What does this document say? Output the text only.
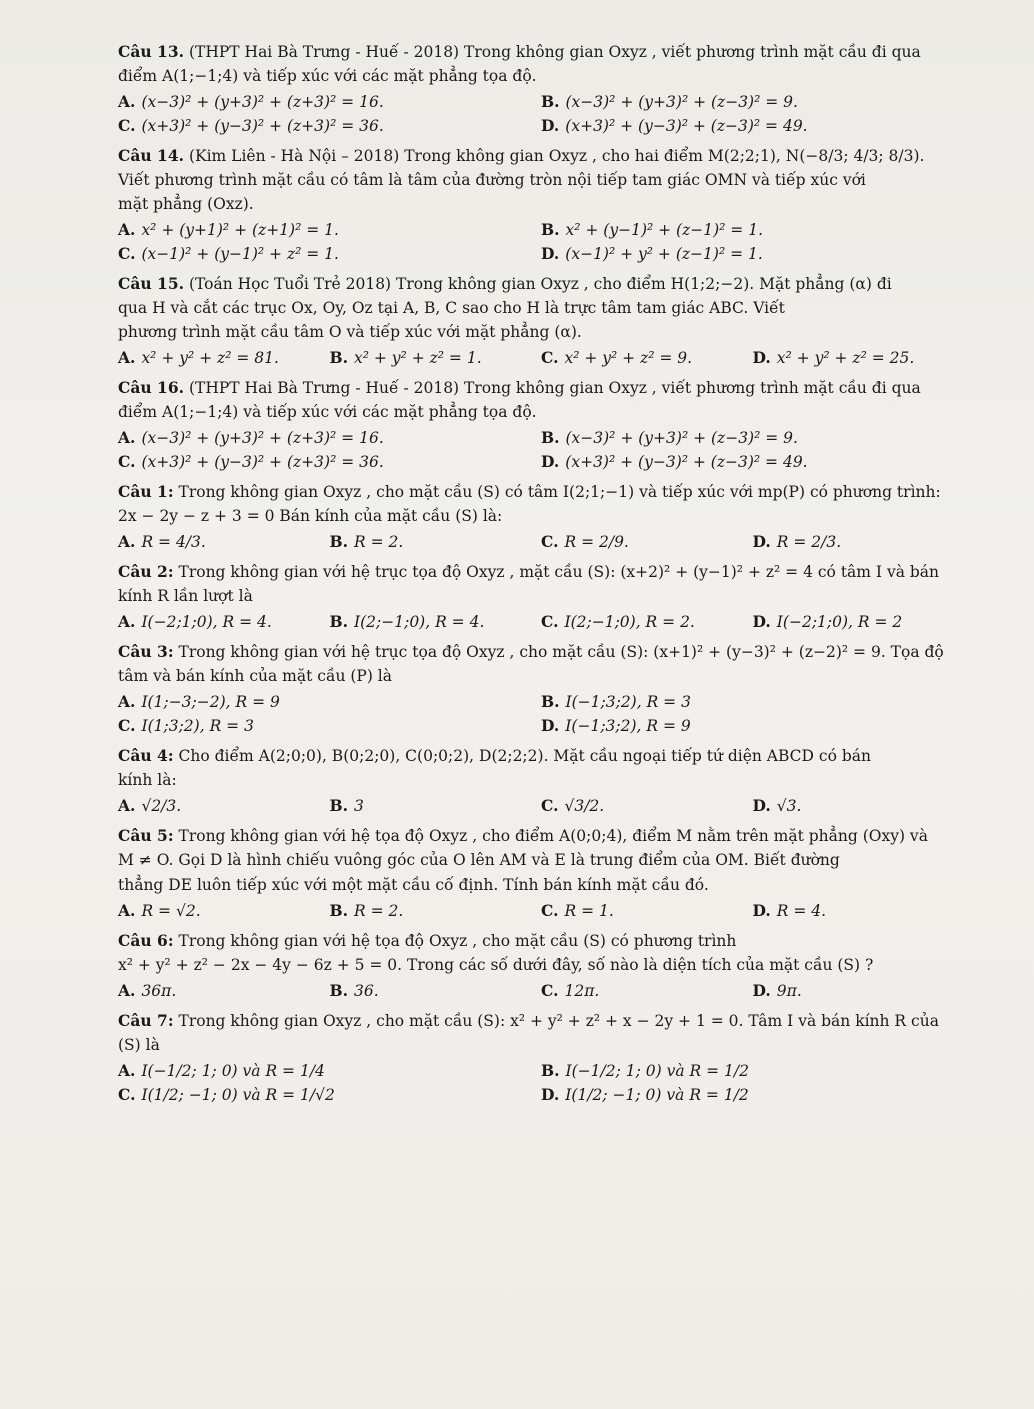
Câu 13. (THPT Hai Bà Trưng - Huế - 2018) Trong không gian Oxyz , viết phương trình mặt cầu đi qua

điểm A(1;−1;4) và tiếp xúc với các mặt phẳng tọa độ.

A. (x−3)² + (y+3)² + (z+3)² = 16.	B. (x−3)² + (y+3)² + (z−3)² = 9.
C. (x+3)² + (y−3)² + (z+3)² = 36.	D. (x+3)² + (y−3)² + (z−3)² = 49.

Câu 14. (Kim Liên - Hà Nội – 2018) Trong không gian Oxyz , cho hai điểm M(2;2;1), N(−8/3; 4/3; 8/3).

Viết phương trình mặt cầu có tâm là tâm của đường tròn nội tiếp tam giác OMN và tiếp xúc với

mặt phẳng (Oxz).

A. x² + (y+1)² + (z+1)² = 1.	B. x² + (y−1)² + (z−1)² = 1.
C. (x−1)² + (y−1)² + z² = 1.	D. (x−1)² + y² + (z−1)² = 1.

Câu 15. (Toán Học Tuổi Trẻ 2018) Trong không gian Oxyz , cho điểm H(1;2;−2). Mặt phẳng (α) đi

qua H và cắt các trục Ox, Oy, Oz tại A, B, C sao cho H là trực tâm tam giác ABC. Viết

phương trình mặt cầu tâm O và tiếp xúc với mặt phẳng (α).

A. x² + y² + z² = 81.	B. x² + y² + z² = 1.	C. x² + y² + z² = 9.	D. x² + y² + z² = 25.

Câu 16. (THPT Hai Bà Trưng - Huế - 2018) Trong không gian Oxyz , viết phương trình mặt cầu đi qua

điểm A(1;−1;4) và tiếp xúc với các mặt phẳng tọa độ.

A. (x−3)² + (y+3)² + (z+3)² = 16.	B. (x−3)² + (y+3)² + (z−3)² = 9.
C. (x+3)² + (y−3)² + (z+3)² = 36.	D. (x+3)² + (y−3)² + (z−3)² = 49.

Câu 1: Trong không gian Oxyz , cho mặt cầu (S) có tâm I(2;1;−1) và tiếp xúc với mp(P) có phương trình:

2x − 2y − z + 3 = 0 Bán kính của mặt cầu (S) là:

A. R = 4/3.	B. R = 2.	C. R = 2/9.	D. R = 2/3.

Câu 2: Trong không gian với hệ trục tọa độ Oxyz , mặt cầu (S): (x+2)² + (y−1)² + z² = 4 có tâm I và bán

kính R lần lượt là

A. I(−2;1;0), R = 4.	B. I(2;−1;0), R = 4.	C. I(2;−1;0), R = 2.	D. I(−2;1;0), R = 2

Câu 3: Trong không gian với hệ trục tọa độ Oxyz , cho mặt cầu (S): (x+1)² + (y−3)² + (z−2)² = 9. Tọa độ

tâm và bán kính của mặt cầu (P) là

A. I(1;−3;−2), R = 9	B. I(−1;3;2), R = 3
C. I(1;3;2), R = 3	D. I(−1;3;2), R = 9

Câu 4: Cho điểm A(2;0;0), B(0;2;0), C(0;0;2), D(2;2;2). Mặt cầu ngoại tiếp tứ diện ABCD có bán

kính là:

A. √2/3.	B. 3	C. √3/2.	D. √3.

Câu 5: Trong không gian với hệ tọa độ Oxyz , cho điểm A(0;0;4), điểm M nằm trên mặt phẳng (Oxy) và

M ≠ O. Gọi D là hình chiếu vuông góc của O lên AM và E là trung điểm của OM. Biết đường

thẳng DE luôn tiếp xúc với một mặt cầu cố định. Tính bán kính mặt cầu đó.

A. R = √2.	B. R = 2.	C. R = 1.	D. R = 4.

Câu 6: Trong không gian với hệ tọa độ Oxyz , cho mặt cầu (S) có phương trình

x² + y² + z² − 2x − 4y − 6z + 5 = 0. Trong các số dưới đây, số nào là diện tích của mặt cầu (S) ?

A. 36π.	B. 36.	C. 12π.	D. 9π.

Câu 7: Trong không gian Oxyz , cho mặt cầu (S): x² + y² + z² + x − 2y + 1 = 0. Tâm I và bán kính R của

(S) là

A. I(−1/2; 1; 0) và R = 1/4	B. I(−1/2; 1; 0) và R = 1/2
C. I(1/2; −1; 0) và R = 1/√2	D. I(1/2; −1; 0) và R = 1/2
